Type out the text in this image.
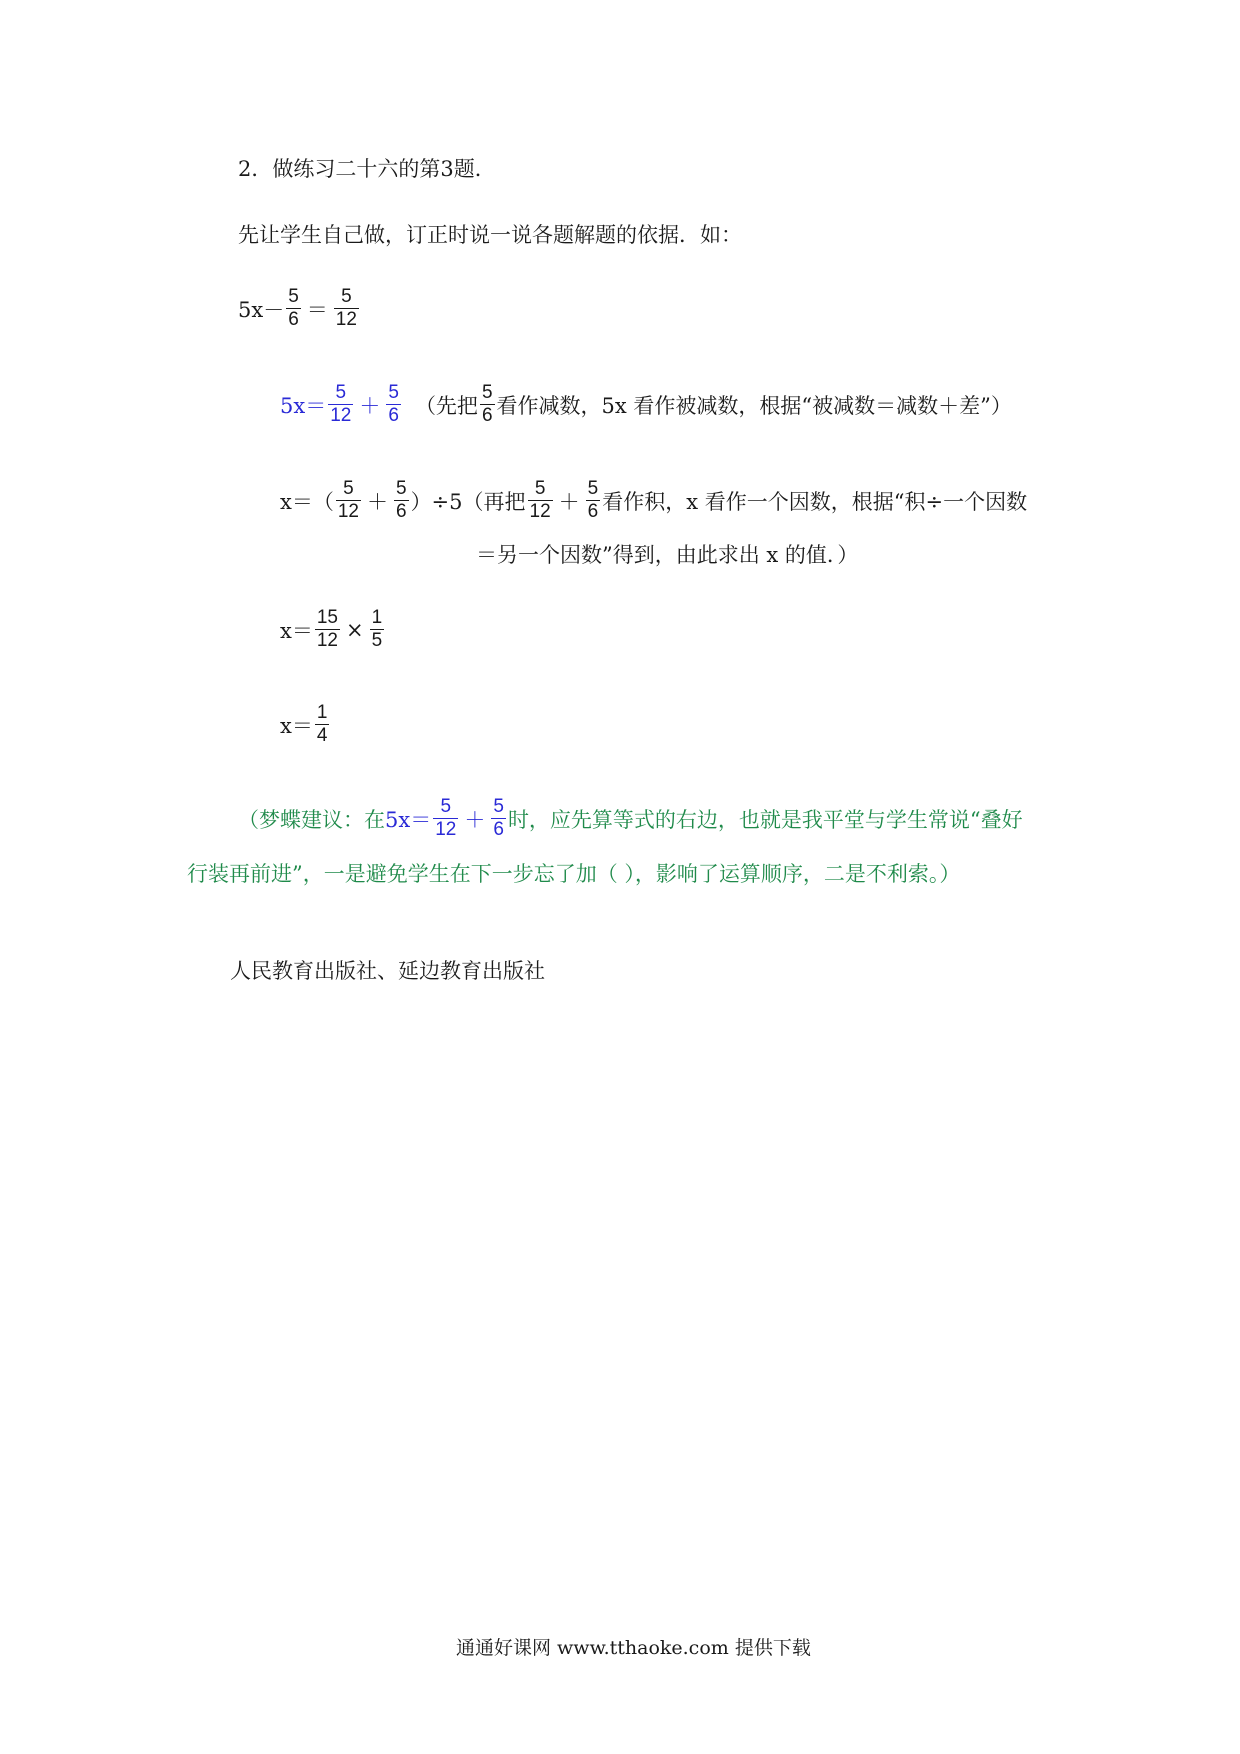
2．做练习二十六的第3题．
先让学生自己做，订正时说一说各题解题的依据．如：
$5x- \frac{5}{6} = \frac{5}{12}$
$5x= \frac{5}{12} + \frac{5}{6}$ （先把 $\frac{5}{6}$ 看作减数，5x 看作被减数，根据“被减数＝减数＋差”）
$x=( \frac{5}{12} + \frac{5}{6} )\div 5$（再把 $\frac{5}{12} + \frac{5}{6}$ 看作积，x 看作一个因数，根据“积÷一个因数
＝另一个因数”得到，由此求出 x 的值．）
$x= \frac{15}{12} \times \frac{1}{5}$
$x= \frac{1}{4}$
（梦蝶建议：在 $5x= \frac{5}{12} + \frac{5}{6}$ 时，应先算等式的右边，也就是我平堂与学生常说“叠好
行装再前进”，一是避免学生在下一步忘了加（ ），影响了运算顺序，二是不利索。）
人民教育出版社、延边教育出版社
通通好课网 www.tthaoke.com 提供下载
